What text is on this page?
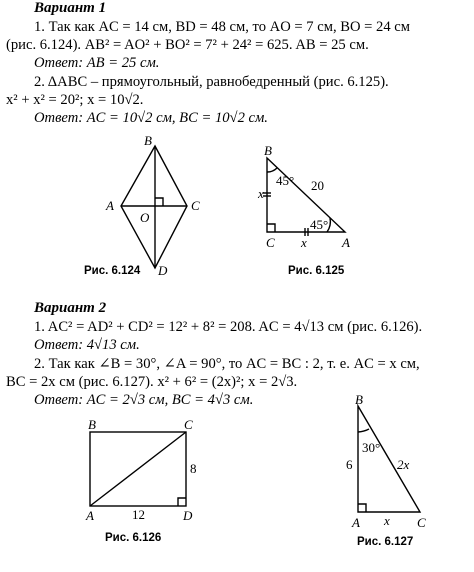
Вариант 1
1. Так как AC = 14 см, BD = 48 см, то AO = 7 см, BO = 24 см
(рис. 6.124). AB² = AO² + BO² = 7² + 24² = 625. AB = 25 см.
Ответ: AB = 25 см.
2. ΔABC – прямоугольный, равнобедренный (рис. 6.125).
x² + x² = 20²; x = 10√2.
Ответ: AC = 10√2 см, BC = 10√2 см.
B
A	C
O
D
B
x
45° 20
45°
C x	A
B	C
8
A	12	D
B
30°
6	2x
A x C
Рис. 6.124	Рис. 6.125
Вариант 2
1. AC² = AD² + CD² = 12² + 8² = 208. AC = 4√13 см (рис. 6.126).
Ответ: 4√13 см.
2. Так как ∠B = 30°, ∠A = 90°, то AC = BC : 2, т. е. AC = x см,
BC = 2x см (рис. 6.127). x² + 6² = (2x)²; x = 2√3.
Ответ: AC = 2√3 см, BC = 4√3 см.
Рис. 6.126	Рис. 6.127
